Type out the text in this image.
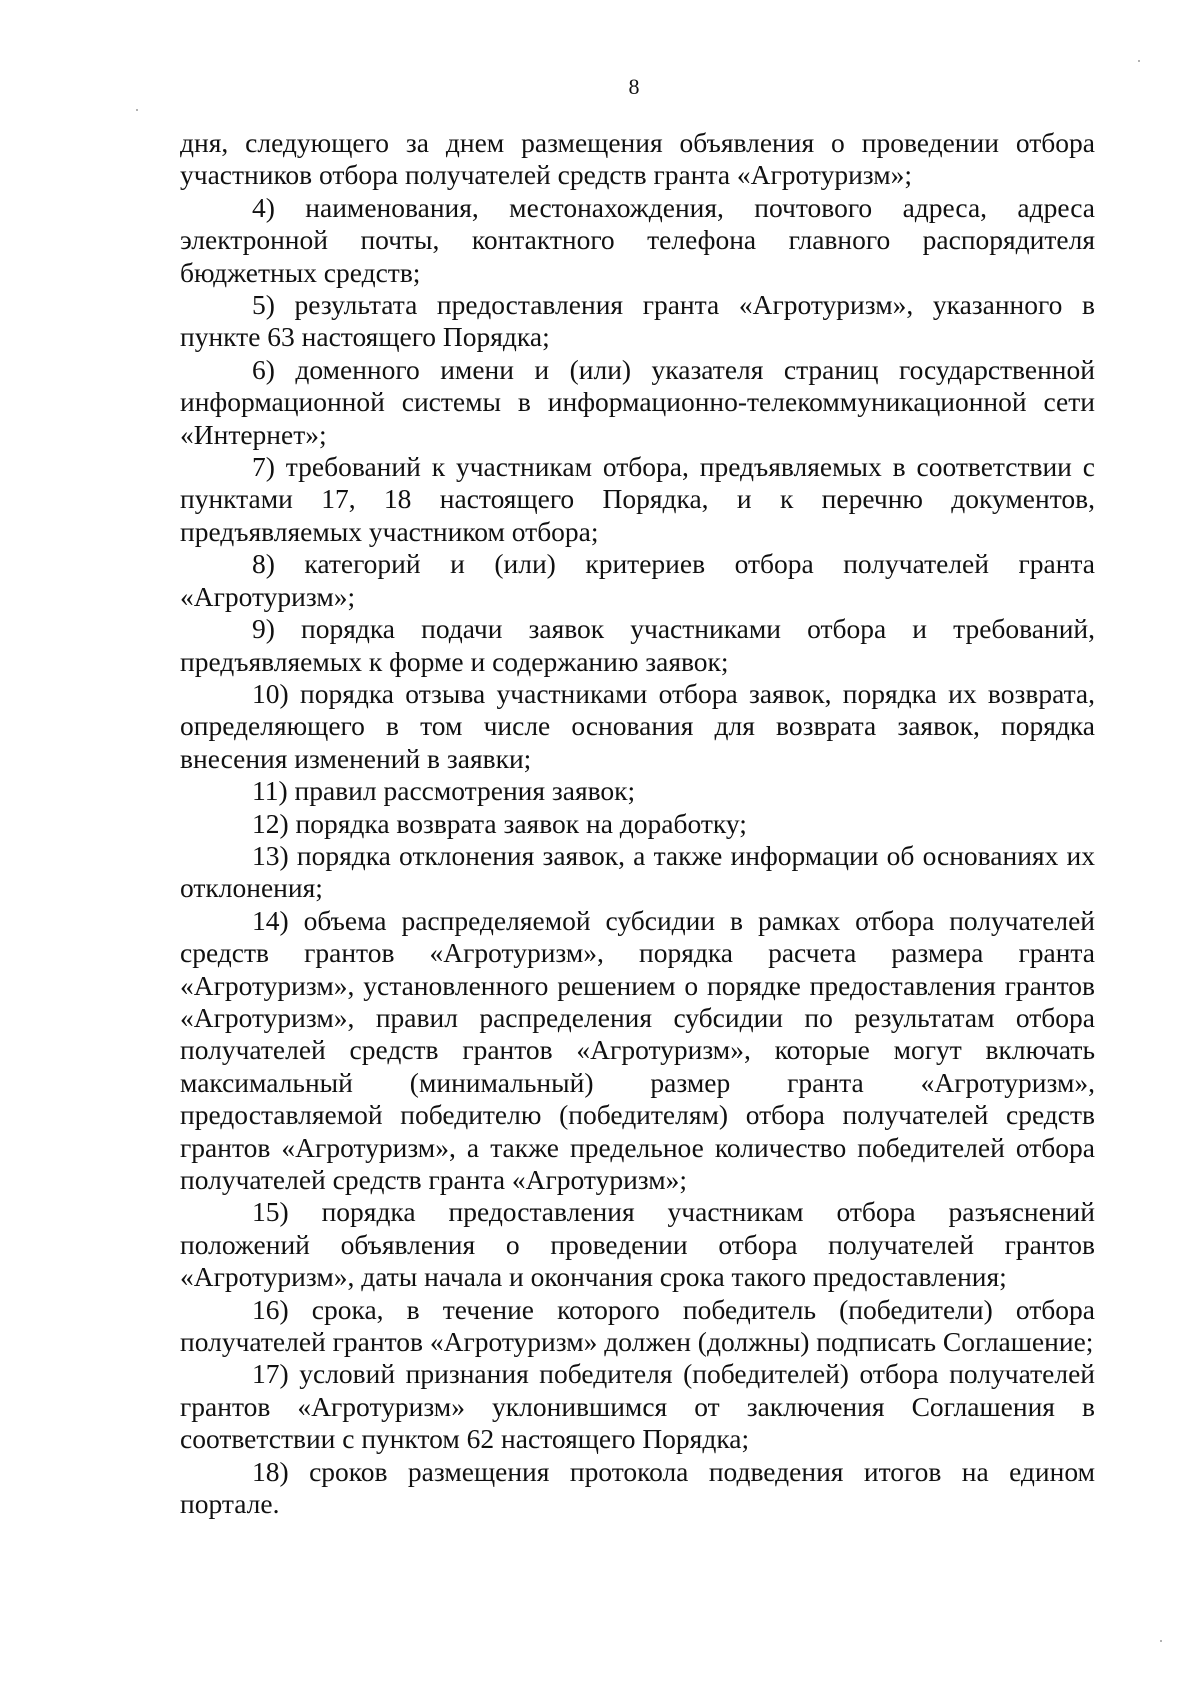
8

дня, следующего за днем размещения объявления о проведении отбора участников отбора получателей средств гранта «Агротуризм»;

4) наименования, местонахождения, почтового адреса, адреса электронной почты, контактного телефона главного распорядителя бюджетных средств;

5) результата предоставления гранта «Агротуризм», указанного в пункте 63 настоящего Порядка;

6) доменного имени и (или) указателя страниц государственной информационной системы в информационно-телекоммуникационной сети «Интернет»;

7) требований к участникам отбора, предъявляемых в соответствии с пунктами 17, 18 настоящего Порядка, и к перечню документов, предъявляемых участником отбора;

8) категорий и (или) критериев отбора получателей гранта «Агротуризм»;

9) порядка подачи заявок участниками отбора и требований, предъявляемых к форме и содержанию заявок;

10) порядка отзыва участниками отбора заявок, порядка их возврата, определяющего в том числе основания для возврата заявок, порядка внесения изменений в заявки;

11) правил рассмотрения заявок;

12) порядка возврата заявок на доработку;

13) порядка отклонения заявок, а также информации об основаниях их отклонения;

14) объема распределяемой субсидии в рамках отбора получателей средств грантов «Агротуризм», порядка расчета размера гранта «Агротуризм», установленного решением о порядке предоставления грантов «Агротуризм», правил распределения субсидии по результатам отбора получателей средств грантов «Агротуризм», которые могут включать максимальный (минимальный) размер гранта «Агротуризм», предоставляемой победителю (победителям) отбора получателей средств грантов «Агротуризм», а также предельное количество победителей отбора получателей средств гранта «Агротуризм»;

15) порядка предоставления участникам отбора разъяснений положений объявления о проведении отбора получателей грантов «Агротуризм», даты начала и окончания срока такого предоставления;

16) срока, в течение которого победитель (победители) отбора получателей грантов «Агротуризм» должен (должны) подписать Соглашение;

17) условий признания победителя (победителей) отбора получателей грантов «Агротуризм» уклонившимся от заключения Соглашения в соответствии с пунктом 62 настоящего Порядка;

18) сроков размещения протокола подведения итогов на едином портале.
